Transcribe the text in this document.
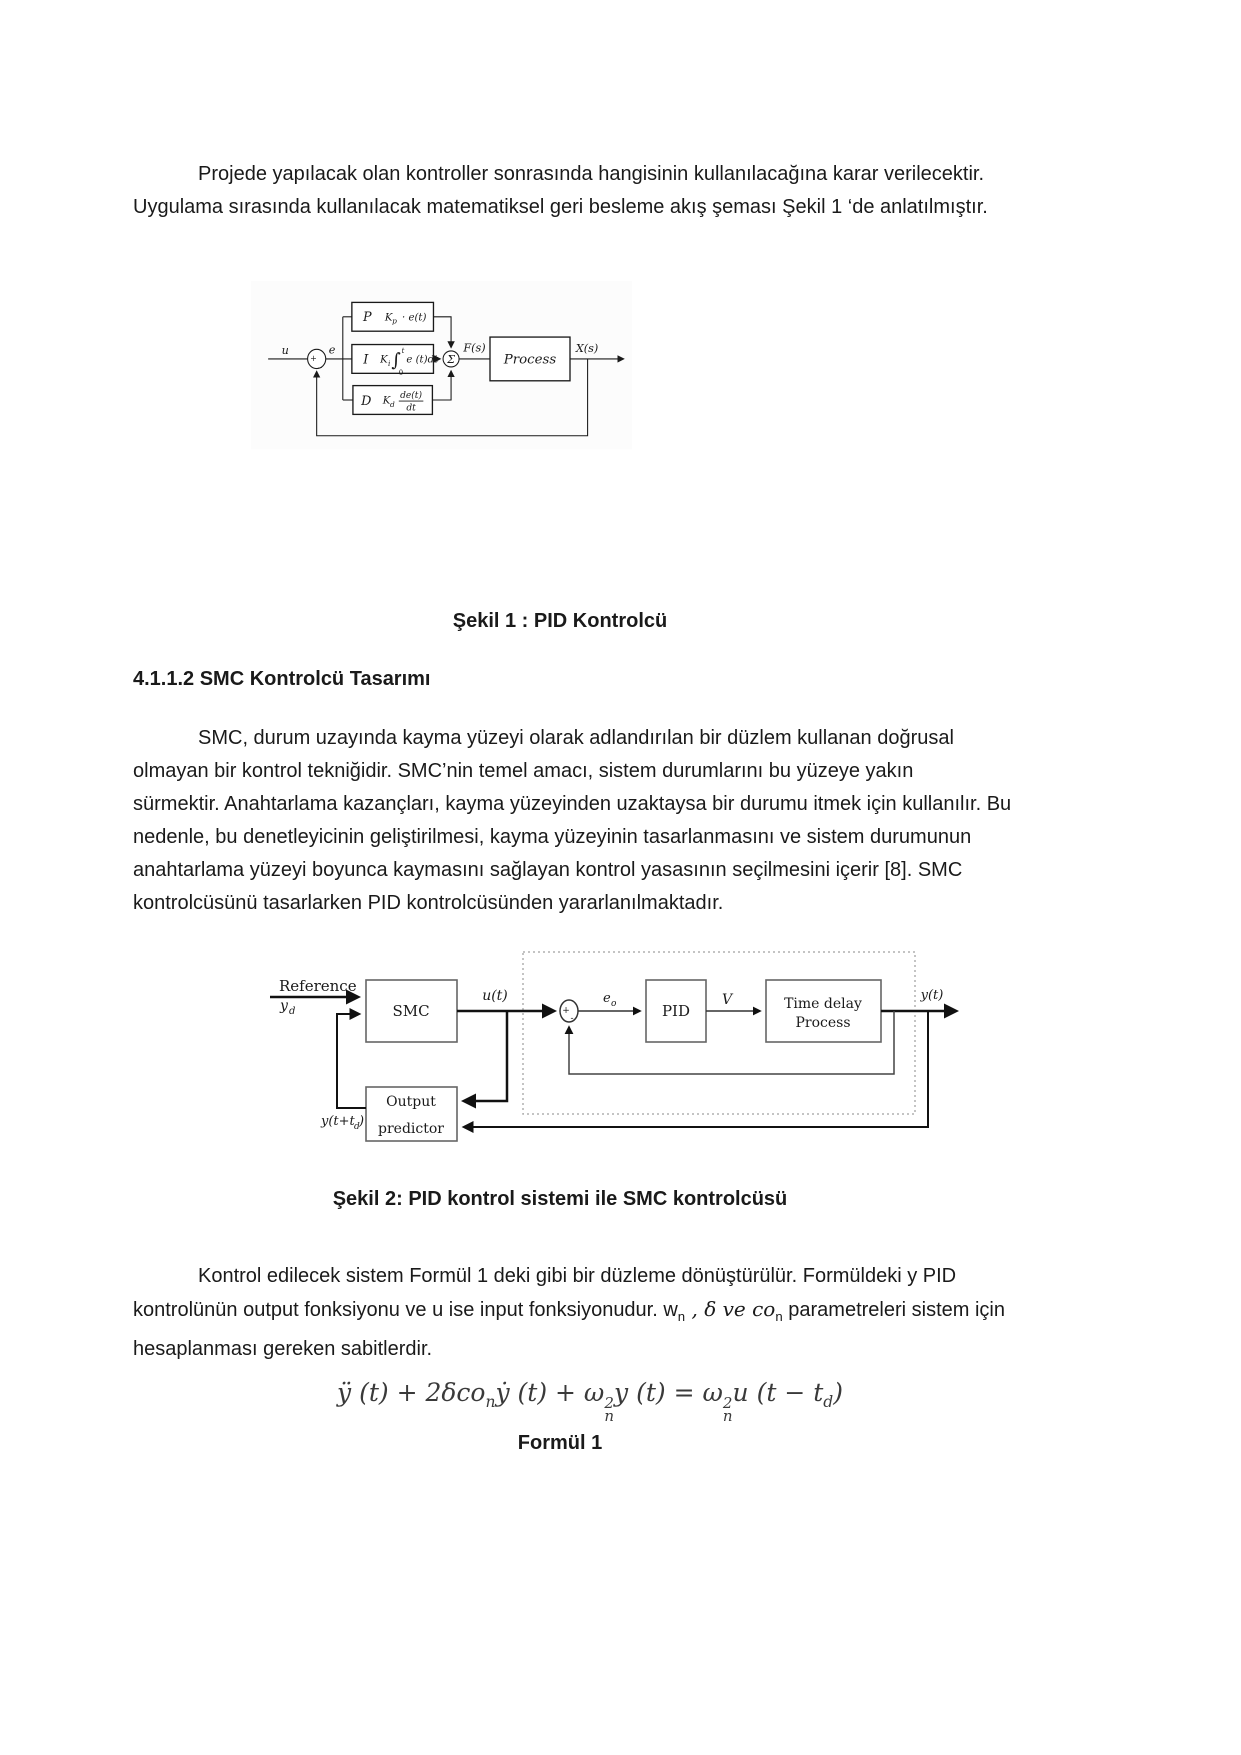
Projede yapılacak olan kontroller sonrasında hangisinin kullanılacağına karar verilecektir.
Uygulama sırasında kullanılacak matematiksel geri besleme akış şeması Şekil 1 ‘de anlatılmıştır.
u
+
_
e
P K p · e(t)
I K i ∫ t
0
e (t)dt
D K d
de(t)
dt
Σ
F(s)
Process
X(s)
Şekil 1 : PID Kontrolcü
4.1.1.2 SMC Kontrolcü Tasarımı
SMC, durum uzayında kayma yüzeyi olarak adlandırılan bir düzlem kullanan doğrusal
olmayan bir kontrol tekniğidir. SMC’nin temel amacı, sistem durumlarını bu yüzeye yakın
sürmektir. Anahtarlama kazançları, kayma yüzeyinden uzaktaysa bir durumu itmek için kullanılır. Bu
nedenle, bu denetleyicinin geliştirilmesi, kayma yüzeyinin tasarlanmasını ve sistem durumunun
anahtarlama yüzeyi boyunca kaymasını sağlayan kontrol yasasının seçilmesini içerir [8]. SMC
kontrolcüsünü tasarlarken PID kontrolcüsünden yararlanılmaktadır.
Reference
y d	SMC
u(t)
+
-
e o	PID
V	Time delay
Process
y(t)
Output
predictor
y(t+t d )
Şekil 2: PID kontrol sistemi ile SMC kontrolcüsü
Kontrol edilecek sistem Formül 1 deki gibi bir düzleme dönüştürülür. Formüldeki y PID
kontrolünün output fonksiyonu ve u ise input fonksiyonudur. $w_n$ , δ ve $co_n$ parametreleri sistem için
hesaplanması gereken sabitlerdir.
ÿ (t) + 2δco$_n$ẏ (t) + ω 2
n
y (t) = ω 2
n
u $(t - t_d)$
Formül 1
